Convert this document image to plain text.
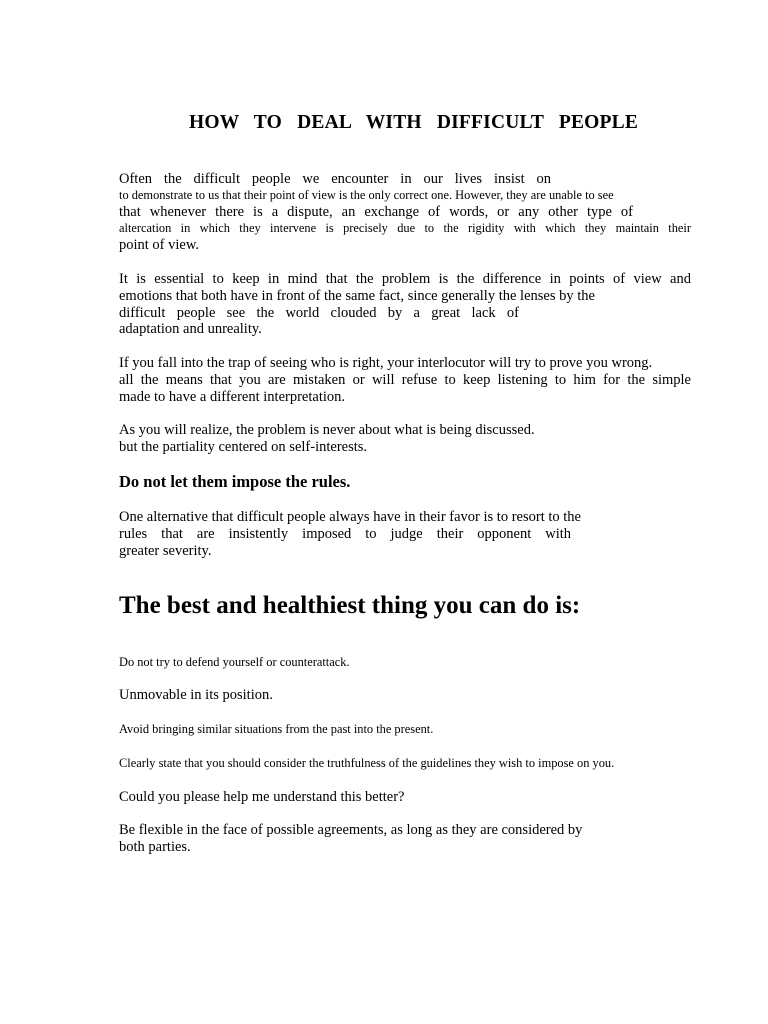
HOW TO DEAL WITH DIFFICULT PEOPLE

Often the difficult people we encounter in our lives insist on

to demonstrate to us that their point of view is the only correct one. However, they are unable to see

that whenever there is a dispute, an exchange of words, or any other type of

altercation in which they intervene is precisely due to the rigidity with which they maintain their

point of view.

It is essential to keep in mind that the problem is the difference in points of view and

emotions that both have in front of the same fact, since generally the lenses by the

difficult people see the world clouded by a great lack of

adaptation and unreality.

If you fall into the trap of seeing who is right, your interlocutor will try to prove you wrong.

all the means that you are mistaken or will refuse to keep listening to him for the simple

made to have a different interpretation.

As you will realize, the problem is never about what is being discussed.

but the partiality centered on self-interests.

Do not let them impose the rules.

One alternative that difficult people always have in their favor is to resort to the

rules that are insistently imposed to judge their opponent with

greater severity.

The best and healthiest thing you can do is:

Do not try to defend yourself or counterattack.

Unmovable in its position.

Avoid bringing similar situations from the past into the present.

Clearly state that you should consider the truthfulness of the guidelines they wish to impose on you.

Could you please help me understand this better?

Be flexible in the face of possible agreements, as long as they are considered by

both parties.
